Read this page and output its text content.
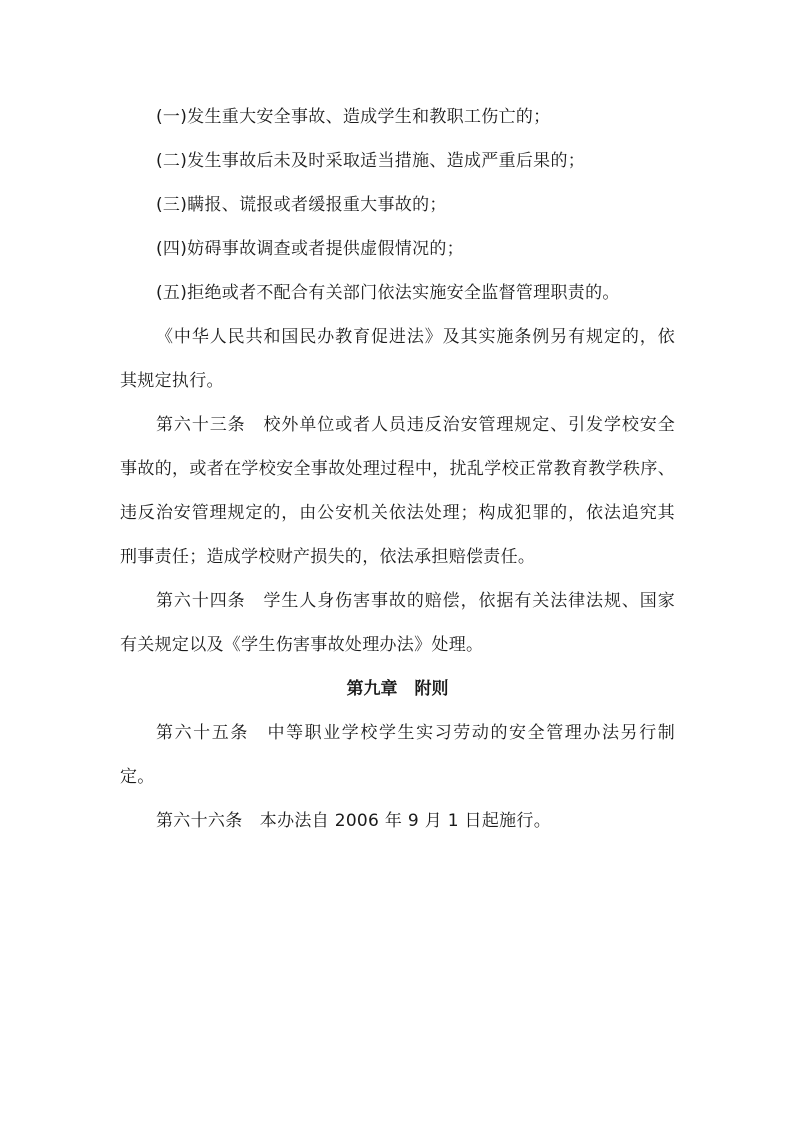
(一)发生重大安全事故、造成学生和教职工伤亡的；
(二)发生事故后未及时采取适当措施、造成严重后果的；
(三)瞒报、谎报或者缓报重大事故的；
(四)妨碍事故调查或者提供虚假情况的；
(五)拒绝或者不配合有关部门依法实施安全监督管理职责的。
《中华人民共和国民办教育促进法》及其实施条例另有规定的，依
其规定执行。
第六十三条　校外单位或者人员违反治安管理规定、引发学校安全
事故的，或者在学校安全事故处理过程中，扰乱学校正常教育教学秩序、
违反治安管理规定的，由公安机关依法处理；构成犯罪的，依法追究其
刑事责任；造成学校财产损失的，依法承担赔偿责任。
第六十四条　学生人身伤害事故的赔偿，依据有关法律法规、国家
有关规定以及《学生伤害事故处理办法》处理。
第九章　附则
第六十五条　中等职业学校学生实习劳动的安全管理办法另行制
定。
第六十六条　本办法自 2006 年 9 月 1 日起施行。
